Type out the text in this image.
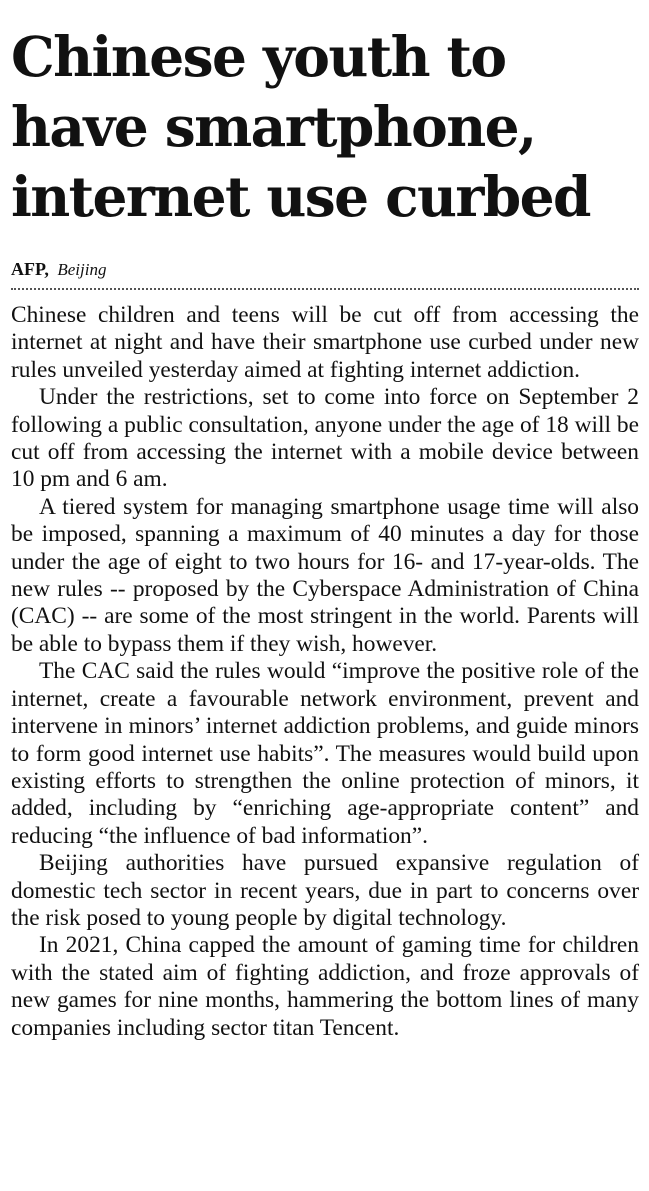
Chinese youth to have smartphone, internet use curbed
AFP, Beijing

Chinese children and teens will be cut off from accessing the internet at night and have their smartphone use curbed under new rules unveiled yesterday aimed at fighting internet addiction.

Under the restrictions, set to come into force on September 2 following a public consultation, anyone under the age of 18 will be cut off from accessing the internet with a mobile device between 10 pm and 6 am.

A tiered system for managing smartphone usage time will also be imposed, spanning a maximum of 40 minutes a day for those under the age of eight to two hours for 16- and 17-year-olds. The new rules -- proposed by the Cyberspace Administration of China (CAC) -- are some of the most stringent in the world. Parents will be able to bypass them if they wish, however.

The CAC said the rules would “improve the positive role of the internet, create a favourable network environment, prevent and intervene in minors’ internet addiction problems, and guide minors to form good internet use habits”. The measures would build upon existing efforts to strengthen the online protection of minors, it added, including by “enriching age-appropriate content” and reducing “the influence of bad information”.

Beijing authorities have pursued expansive regulation of domestic tech sector in recent years, due in part to concerns over the risk posed to young people by digital technology.

In 2021, China capped the amount of gaming time for children with the stated aim of fighting addiction, and froze approvals of new games for nine months, hammering the bottom lines of many companies including sector titan Tencent.
